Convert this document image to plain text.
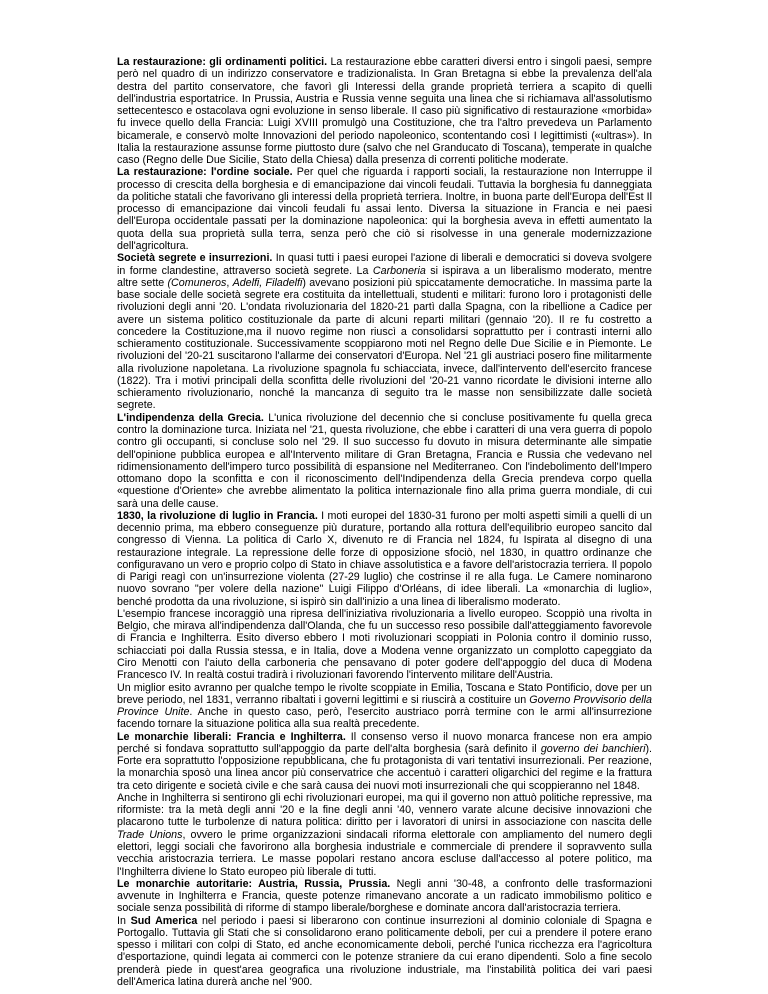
La restaurazione: gli ordinamenti politici. La restaurazione ebbe caratteri diversi entro i singoli paesi, sempre però nel quadro di un indirizzo conservatore e tradizionalista. In Gran Bretagna si ebbe la prevalenza dell'ala destra del partito conservatore, che favorì gli Interessi della grande proprietà terriera a scapito di quelli dell'industria esportatrice. In Prussia, Austria e Russia venne seguita una linea che si richiamava all'assolutismo settecentesco e ostacolava ogni evoluzione in senso liberale. Il caso più significativo di restaurazione «morbida» fu invece quello della Francia: Luigi XVIII promulgò una Costituzione, che tra l'altro prevedeva un Parlamento bicamerale, e conservò molte Innovazioni del periodo napoleonico, scontentando così I legittimisti («ultras»). In Italia la restaurazione assunse forme piuttosto dure (salvo che nel Granducato di Toscana), temperate in qualche caso (Regno delle Due Sicilie, Stato della Chiesa) dalla presenza di correnti politiche moderate.

La restaurazione: l'ordine sociale. Per quel che riguarda i rapporti sociali, la restaurazione non Interruppe il processo di crescita della borghesia e di emancipazione dai vincoli feudali. Tuttavia la borghesia fu danneggiata da politiche statali che favorivano gli interessi della proprietà terriera. Inoltre, in buona parte dell'Europa dell'Est Il processo di emancipazione dai vincoli feudali fu assai lento. Diversa la situazione in Francia e nei paesi dell'Europa occidentale passati per la dominazione napoleonica: qui la borghesia aveva in effetti aumentato la quota della sua proprietà sulla terra, senza però che ciò si risolvesse in una generale modernizzazione dell'agricoltura.

Società segrete e insurrezioni. In quasi tutti i paesi europei l'azione di liberali e democratici si doveva svolgere in forme clandestine, attraverso società segrete. La Carboneria si ispirava a un liberalismo moderato, mentre altre sette (Comuneros, Adelfi, Filadelfi) avevano posizioni più spiccatamente democratiche. In massima parte la base sociale delle società segrete era costituita da intellettuali, studenti e militari: furono loro i protagonisti delle rivoluzioni degli anni '20. L'ondata rivoluzionaria del 1820-21 partì dalla Spagna, con la ribellione a Cadice per avere un sistema politico costituzionale da parte di alcuni reparti militari (gennaio '20). Il re fu costretto a concedere la Costituzione,ma il nuovo regime non riuscì a consolidarsi soprattutto per i contrasti interni allo schieramento costituzionale. Successivamente scoppiarono moti nel Regno delle Due Sicilie e in Piemonte. Le rivoluzioni del '20-21 suscitarono l'allarme dei conservatori d'Europa. Nel '21 gli austriaci posero fine militarmente alla rivoluzione napoletana. La rivoluzione spagnola fu schiacciata, invece, dall'intervento dell'esercito francese (1822). Tra i motivi principali della sconfitta delle rivoluzioni del '20-21 vanno ricordate le divisioni interne allo schieramento rivoluzionario, nonché la mancanza di seguito tra le masse non sensibilizzate dalle società segrete.

L'indipendenza della Grecia. L'unica rivoluzione del decennio che si concluse positivamente fu quella greca contro la dominazione turca. Iniziata nel '21, questa rivoluzione, che ebbe i caratteri di una vera guerra di popolo contro gli occupanti, si concluse solo nel '29. Il suo successo fu dovuto in misura determinante alle simpatie dell'opinione pubblica europea e all'Intervento militare di Gran Bretagna, Francia e Russia che vedevano nel ridimensionamento dell'impero turco possibilità di espansione nel Mediterraneo. Con l'indebolimento dell'Impero ottomano dopo la sconfitta e con il riconoscimento dell'Indipendenza della Grecia prendeva corpo quella «questione d'Oriente» che avrebbe alimentato la politica internazionale fino alla prima guerra mondiale, di cui sarà una delle cause.

1830, la rivoluzione di luglio in Francia. I moti europei del 1830-31 furono per molti aspetti simili a quelli di un decennio prima, ma ebbero conseguenze più durature, portando alla rottura dell'equilibrio europeo sancito dal congresso di Vienna. La politica di Carlo X, divenuto re di Francia nel 1824, fu Ispirata al disegno di una restaurazione integrale. La repressione delle forze di opposizione sfociò, nel 1830, in quattro ordinanze che configuravano un vero e proprio colpo di Stato in chiave assolutistica e a favore dell'aristocrazia terriera. Il popolo di Parigi reagì con un'insurrezione violenta (27-29 luglio) che costrinse il re alla fuga. Le Camere nominarono nuovo sovrano "per volere della nazione" Luigi Filippo d'Orléans, di idee liberali. La «monarchia di luglio», benché prodotta da una rivoluzione, si ispirò sin dall'inizio a una linea di liberalismo moderato.

L'esempio francese incoraggiò una ripresa dell'iniziativa rivoluzionaria a livello europeo. Scoppiò una rivolta in Belgio, che mirava all'indipendenza dall'Olanda, che fu un successo reso possibile dall'atteggiamento favorevole di Francia e Inghilterra. Esito diverso ebbero I moti rivoluzionari scoppiati in Polonia contro il dominio russo, schiacciati poi dalla Russia stessa, e in Italia, dove a Modena venne organizzato un complotto capeggiato da Ciro Menotti con l'aiuto della carboneria che pensavano di poter godere dell'appoggio del duca di Modena Francesco IV. In realtà costui tradirà i rivoluzionari favorendo l'intervento militare dell'Austria.

Un miglior esito avranno per qualche tempo le rivolte scoppiate in Emilia, Toscana e Stato Pontificio, dove per un breve periodo, nel 1831, verranno ribaltati i governi legittimi e si riuscirà a costituire un Governo Provvisorio della Province Unite. Anche in questo caso, però, l'esercito austriaco porrà termine con le armi all'insurrezione facendo tornare la situazione politica alla sua realtà precedente.

Le monarchie liberali: Francia e Inghilterra. Il consenso verso il nuovo monarca francese non era ampio perché si fondava soprattutto sull'appoggio da parte dell'alta borghesia (sarà definito il governo dei banchieri). Forte era soprattutto l'opposizione repubblicana, che fu protagonista di vari tentativi insurrezionali. Per reazione, la monarchia sposò una linea ancor più conservatrice che accentuò i caratteri oligarchici del regime e la frattura tra ceto dirigente e società civile e che sarà causa dei nuovi moti insurrezionali che qui scoppieranno nel 1848.

Anche in Inghilterra si sentirono gli echi rivoluzionari europei, ma qui il governo non attuò politiche repressive, ma riformiste: tra la metà degli anni '20 e la fine degli anni '40, vennero varate alcune decisive innovazioni che placarono tutte le turbolenze di natura politica: diritto per i lavoratori di unirsi in associazione con nascita delle Trade Unions, ovvero le prime organizzazioni sindacali riforma elettorale con ampliamento del numero degli elettori, leggi sociali che favorirono alla borghesia industriale e commerciale di prendere il sopravvento sulla vecchia aristocrazia terriera. Le masse popolari restano ancora escluse dall'accesso al potere politico, ma l'Inghilterra diviene lo Stato europeo più liberale di tutti.

Le monarchie autoritarie: Austria, Russia, Prussia. Negli anni '30-48, a confronto delle trasformazioni avvenute in Inghilterra e Francia, queste potenze rimanevano ancorate a un radicato immobilismo politico e sociale senza possibilità di riforme di stampo liberale/borghese e dominate ancora dall'aristocrazia terriera.

In Sud America nel periodo i paesi si liberarono con continue insurrezioni al dominio coloniale di Spagna e Portogallo. Tuttavia gli Stati che si consolidarono erano politicamente deboli, per cui a prendere il potere erano spesso i militari con colpi di Stato, ed anche economicamente deboli, perché l'unica ricchezza era l'agricoltura d'esportazione, quindi legata ai commerci con le potenze straniere da cui erano dipendenti. Solo a fine secolo prenderà piede in quest'area geografica una rivoluzione industriale, ma l'instabilità politica dei vari paesi dell'America latina durerà anche nel '900.
